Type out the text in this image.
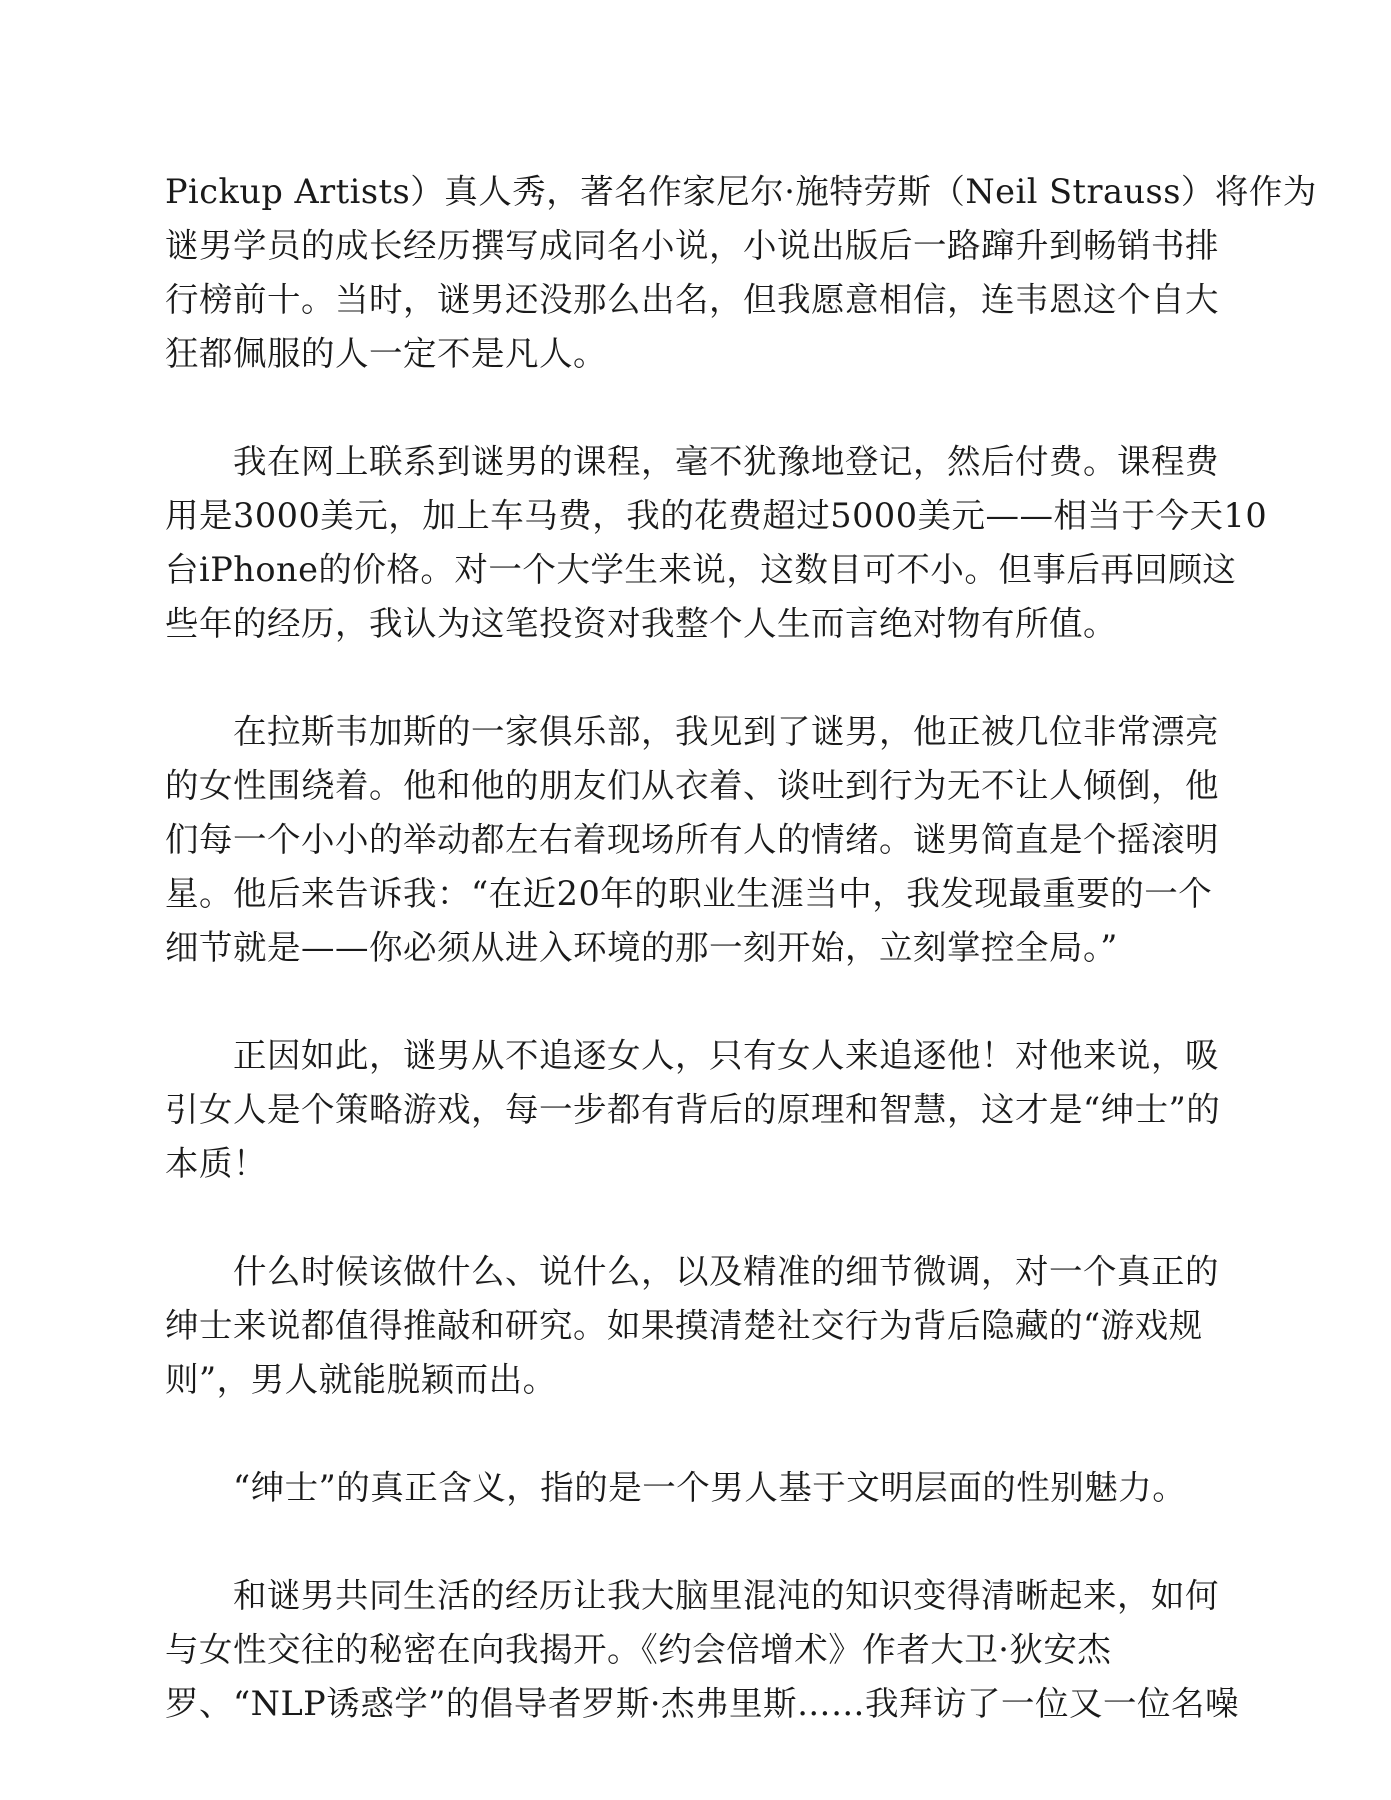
Pickup Artists）真人秀，著名作家尼尔·施特劳斯（Neil Strauss）将作为
谜男学员的成长经历撰写成同名小说，小说出版后一路蹿升到畅销书排
行榜前十。当时，谜男还没那么出名，但我愿意相信，连韦恩这个自大
狂都佩服的人一定不是凡人。

我在网上联系到谜男的课程，毫不犹豫地登记，然后付费。课程费
用是3000美元，加上车马费，我的花费超过5000美元——相当于今天10
台iPhone的价格。对一个大学生来说，这数目可不小。但事后再回顾这
些年的经历，我认为这笔投资对我整个人生而言绝对物有所值。

在拉斯韦加斯的一家俱乐部，我见到了谜男，他正被几位非常漂亮
的女性围绕着。他和他的朋友们从衣着、谈吐到行为无不让人倾倒，他
们每一个小小的举动都左右着现场所有人的情绪。谜男简直是个摇滚明
星。他后来告诉我：“在近20年的职业生涯当中，我发现最重要的一个
细节就是——你必须从进入环境的那一刻开始，立刻掌控全局。”

正因如此，谜男从不追逐女人，只有女人来追逐他！对他来说，吸
引女人是个策略游戏，每一步都有背后的原理和智慧，这才是“绅士”的
本质！

什么时候该做什么、说什么，以及精准的细节微调，对一个真正的
绅士来说都值得推敲和研究。如果摸清楚社交行为背后隐藏的“游戏规
则”，男人就能脱颖而出。

“绅士”的真正含义，指的是一个男人基于文明层面的性别魅力。

和谜男共同生活的经历让我大脑里混沌的知识变得清晰起来，如何
与女性交往的秘密在向我揭开。《约会倍增术》作者大卫·狄安杰
罗、“NLP诱惑学”的倡导者罗斯·杰弗里斯……我拜访了一位又一位名噪
